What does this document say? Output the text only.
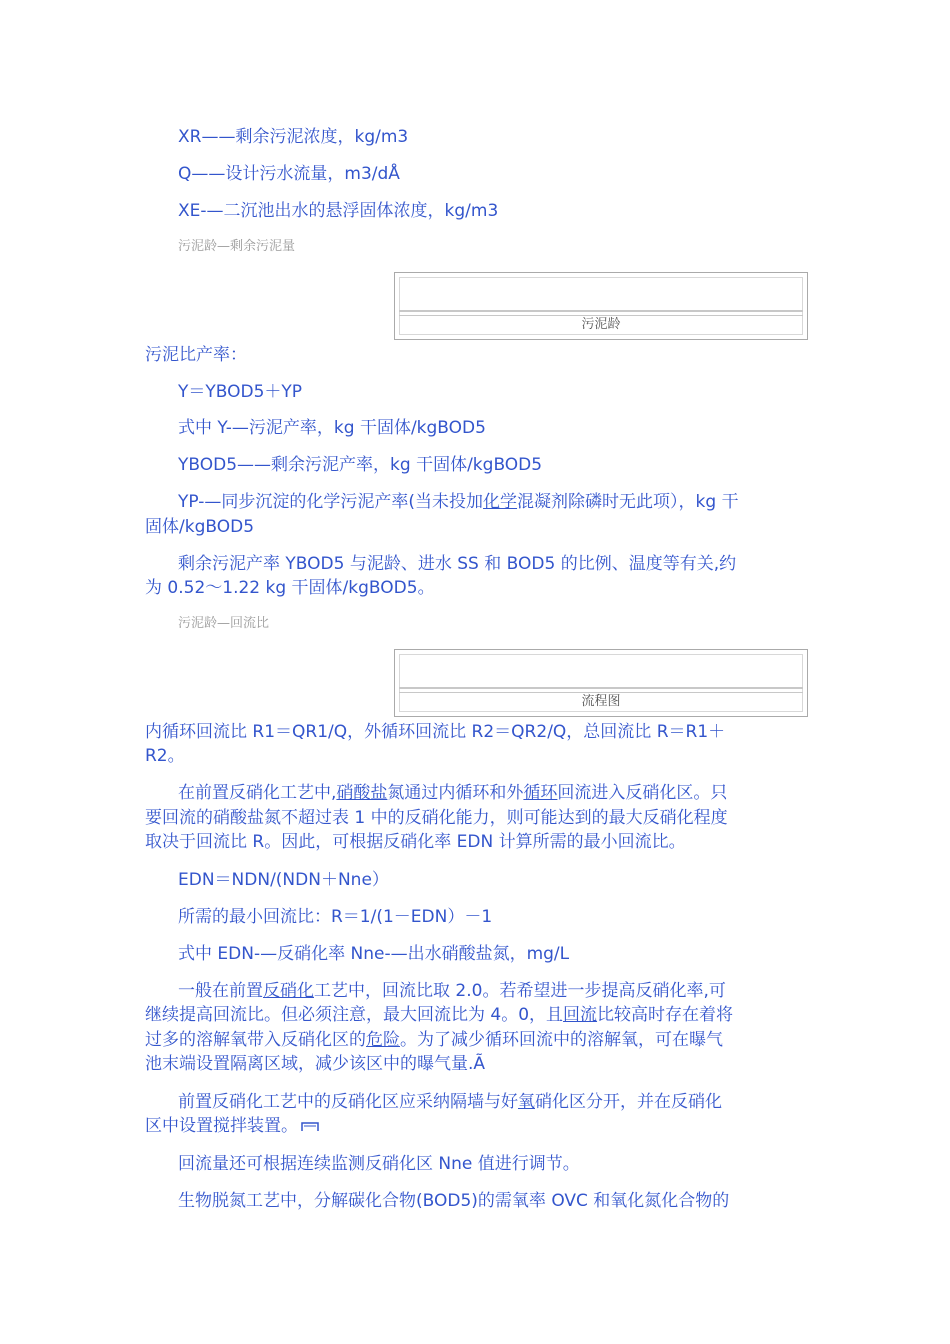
XR——剩余污泥浓度，kg/m3
Q——设计污水流量，m3/dÅ
XE-—二沉池出水的悬浮固体浓度，kg/m3
污泥龄—剩余污泥量
污泥龄
污泥比产率：
Y＝YBOD5＋YP
式中 Y-—污泥产率，kg 干固体/kgBOD5
YBOD5——剩余污泥产率，kg 干固体/kgBOD5
YP-—同步沉淀的化学污泥产率(当未投加化学混凝剂除磷时无此项），kg 干
固体/kgBOD5
剩余污泥产率 YBOD5 与泥龄、进水 SS 和 BOD5 的比例、温度等有关,约
为 0.52～1.22 kg 干固体/kgBOD5。
污泥龄—回流比
流程图
内循环回流比 R1＝QR1/Q，外循环回流比 R2＝QR2/Q，总回流比 R＝R1＋
R2。
在前置反硝化工艺中,硝酸盐氮通过内循环和外循环回流进入反硝化区。只
要回流的硝酸盐氮不超过表 1 中的反硝化能力，则可能达到的最大反硝化程度
取决于回流比 R。因此，可根据反硝化率 EDN 计算所需的最小回流比。
EDN＝NDN/(NDN＋Nne）
所需的最小回流比：R＝1/(1－EDN）－1
式中 EDN-—反硝化率 Nne-—出水硝酸盐氮，mg/L
一般在前置反硝化工艺中，回流比取 2.0。若希望进一步提高反硝化率,可
继续提高回流比。但必须注意，最大回流比为 4。0，且回流比较高时存在着将
过多的溶解氧带入反硝化区的危险。为了减少循环回流中的溶解氧，可在曝气
池末端设置隔离区域，减少该区中的曝气量.Ã
前置反硝化工艺中的反硝化区应采纳隔墙与好氧硝化区分开，并在反硝化
区中设置搅拌装置。
回流量还可根据连续监测反硝化区 Nne 值进行调节。
生物脱氮工艺中，分解碳化合物(BOD5)的需氧率 OVC 和氧化氮化合物的
